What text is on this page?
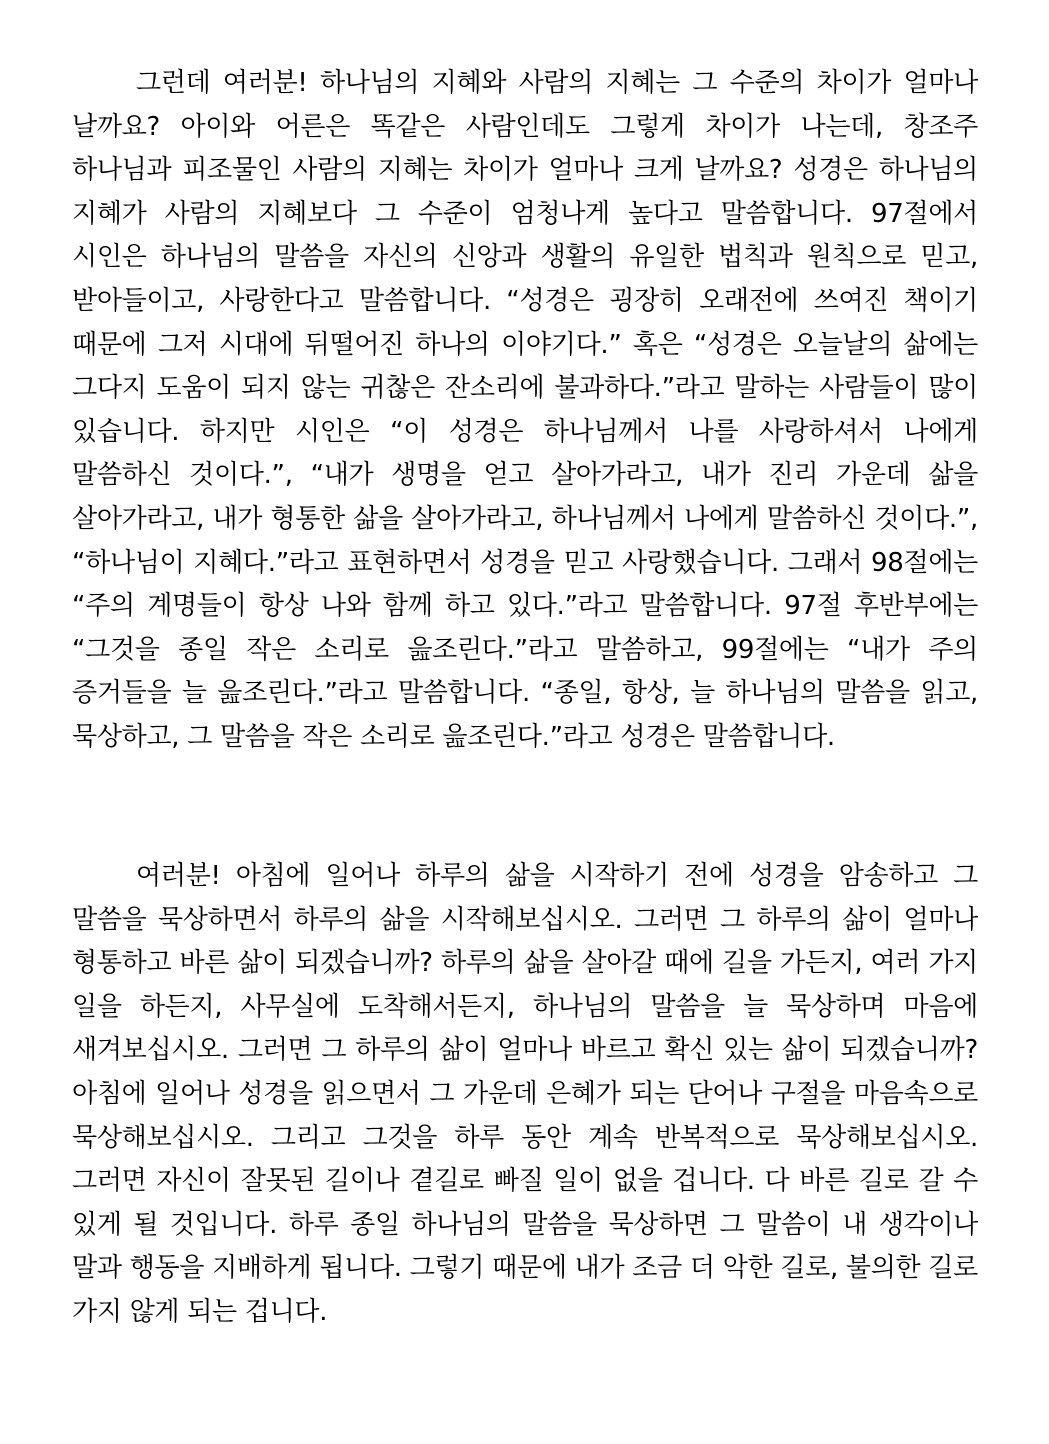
그런데 여러분! 하나님의 지혜와 사람의 지혜는 그 수준의 차이가 얼마나 날까요? 아이와 어른은 똑같은 사람인데도 그렇게 차이가 나는데, 창조주 하나님과 피조물인 사람의 지혜는 차이가 얼마나 크게 날까요? 성경은 하나님의 지혜가 사람의 지혜보다 그 수준이 엄청나게 높다고 말씀합니다. 97절에서 시인은 하나님의 말씀을 자신의 신앙과 생활의 유일한 법칙과 원칙으로 믿고, 받아들이고, 사랑한다고 말씀합니다. “성경은 굉장히 오래전에 쓰여진 책이기 때문에 그저 시대에 뒤떨어진 하나의 이야기다.” 혹은 “성경은 오늘날의 삶에는 그다지 도움이 되지 않는 귀찮은 잔소리에 불과하다.”라고 말하는 사람들이 많이 있습니다. 하지만 시인은 “이 성경은 하나님께서 나를 사랑하셔서 나에게 말씀하신 것이다.”, “내가 생명을 얻고 살아가라고, 내가 진리 가운데 삶을 살아가라고, 내가 형통한 삶을 살아가라고, 하나님께서 나에게 말씀하신 것이다.”, “하나님이 지혜다.”라고 표현하면서 성경을 믿고 사랑했습니다. 그래서 98절에는 “주의 계명들이 항상 나와 함께 하고 있다.”라고 말씀합니다. 97절 후반부에는 “그것을 종일 작은 소리로 읊조린다.”라고 말씀하고, 99절에는 “내가 주의 증거들을 늘 읊조린다.”라고 말씀합니다. “종일, 항상, 늘 하나님의 말씀을 읽고, 묵상하고, 그 말씀을 작은 소리로 읊조린다.”라고 성경은 말씀합니다.

여러분! 아침에 일어나 하루의 삶을 시작하기 전에 성경을 암송하고 그 말씀을 묵상하면서 하루의 삶을 시작해보십시오. 그러면 그 하루의 삶이 얼마나 형통하고 바른 삶이 되겠습니까? 하루의 삶을 살아갈 때에 길을 가든지, 여러 가지 일을 하든지, 사무실에 도착해서든지, 하나님의 말씀을 늘 묵상하며 마음에 새겨보십시오. 그러면 그 하루의 삶이 얼마나 바르고 확신 있는 삶이 되겠습니까? 아침에 일어나 성경을 읽으면서 그 가운데 은혜가 되는 단어나 구절을 마음속으로 묵상해보십시오. 그리고 그것을 하루 동안 계속 반복적으로 묵상해보십시오. 그러면 자신이 잘못된 길이나 곁길로 빠질 일이 없을 겁니다. 다 바른 길로 갈 수 있게 될 것입니다. 하루 종일 하나님의 말씀을 묵상하면 그 말씀이 내 생각이나 말과 행동을 지배하게 됩니다. 그렇기 때문에 내가 조금 더 악한 길로, 불의한 길로 가지 않게 되는 겁니다.
